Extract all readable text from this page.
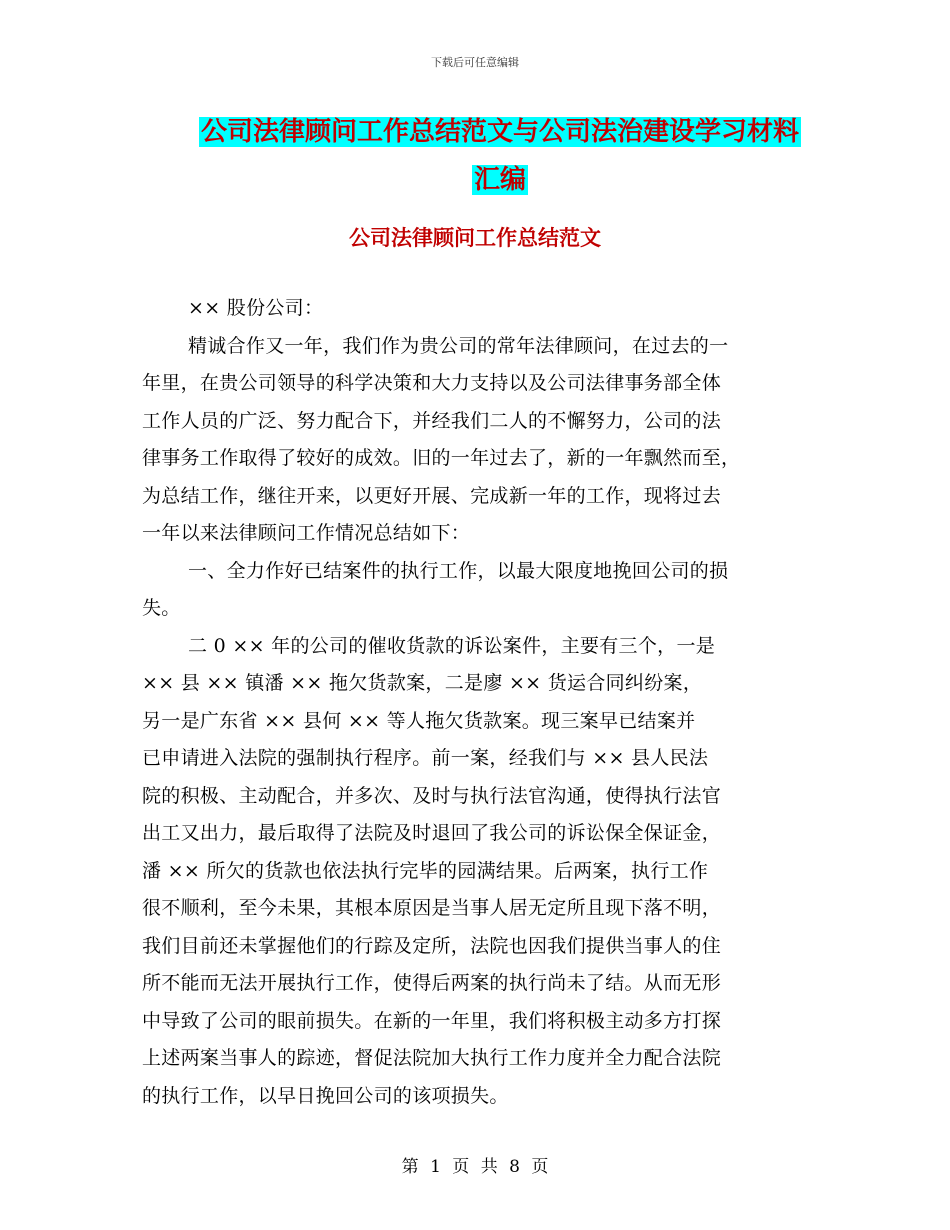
下载后可任意编辑
公司法律顾问工作总结范文与公司法治建设学习材料
汇编
公司法律顾问工作总结范文

×× 股份公司：

精诚合作又一年，我们作为贵公司的常年法律顾问，在过去的一

年里，在贵公司领导的科学决策和大力支持以及公司法律事务部全体

工作人员的广泛、努力配合下，并经我们二人的不懈努力，公司的法

律事务工作取得了较好的成效。旧的一年过去了，新的一年飘然而至，

为总结工作，继往开来，以更好开展、完成新一年的工作，现将过去

一年以来法律顾问工作情况总结如下：

一、全力作好已结案件的执行工作，以最大限度地挽回公司的损

失。

二 0 ×× 年的公司的催收货款的诉讼案件，主要有三个，一是

×× 县 ×× 镇潘 ×× 拖欠货款案，二是廖 ×× 货运合同纠纷案，

另一是广东省 ×× 县何 ×× 等人拖欠货款案。现三案早已结案并

已申请进入法院的强制执行程序。前一案，经我们与 ×× 县人民法

院的积极、主动配合，并多次、及时与执行法官沟通，使得执行法官

出工又出力，最后取得了法院及时退回了我公司的诉讼保全保证金，

潘 ×× 所欠的货款也依法执行完毕的园满结果。后两案，执行工作

很不顺利，至今未果，其根本原因是当事人居无定所且现下落不明，

我们目前还未掌握他们的行踪及定所，法院也因我们提供当事人的住

所不能而无法开展执行工作，使得后两案的执行尚未了结。从而无形

中导致了公司的眼前损失。在新的一年里，我们将积极主动多方打探

上述两案当事人的踪迹，督促法院加大执行工作力度并全力配合法院

的执行工作，以早日挽回公司的该项损失。

第 1 页 共 8 页
